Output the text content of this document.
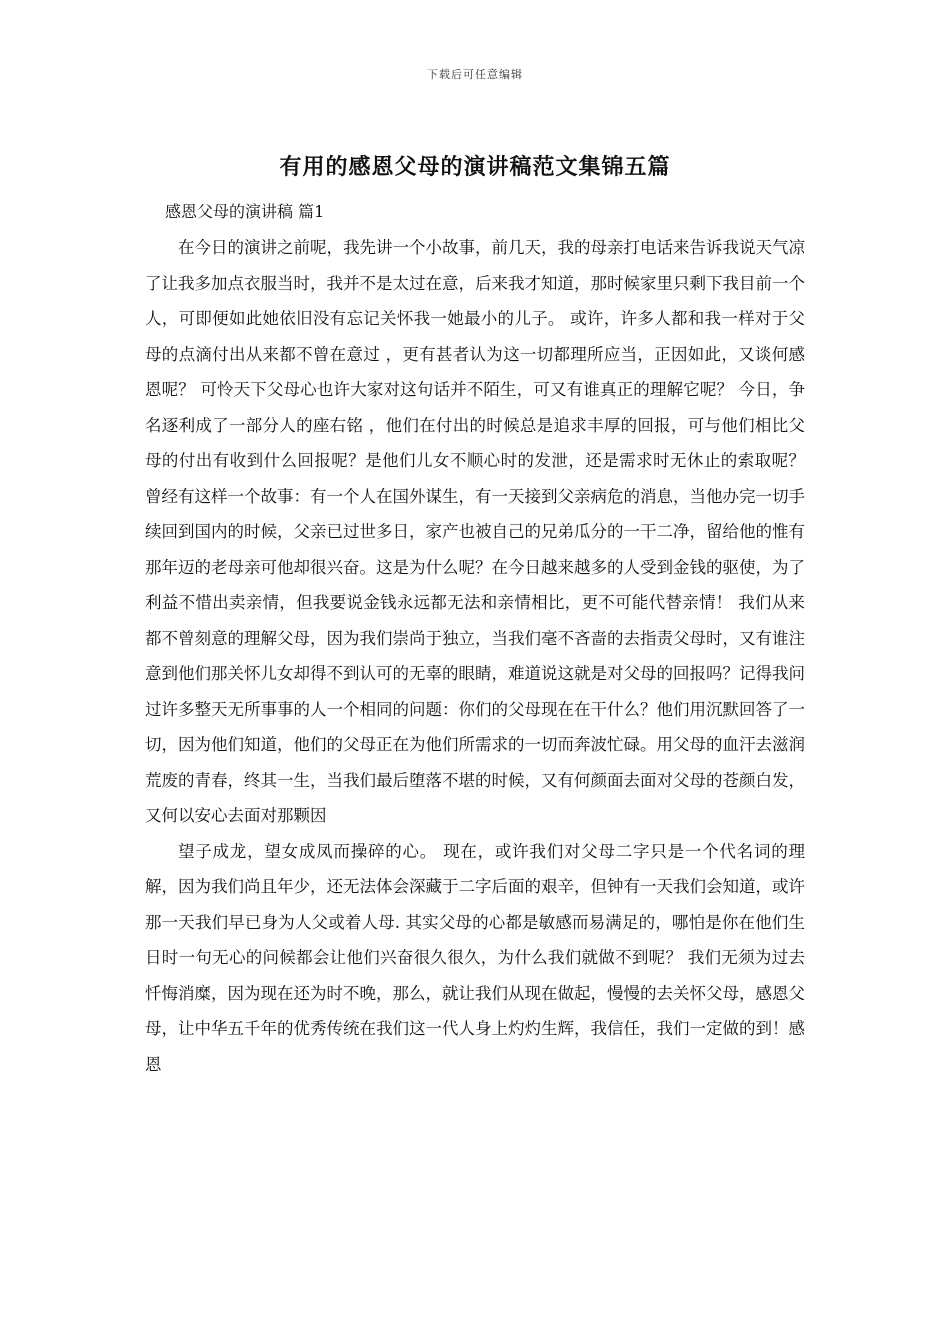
下载后可任意编辑
有用的感恩父母的演讲稿范文集锦五篇
感恩父母的演讲稿 篇1

在今日的演讲之前呢，我先讲一个小故事，前几天，我的母亲打电话来告诉我说天气凉了让我多加点衣服当时，我并不是太过在意，后来我才知道，那时候家里只剩下我目前一个人，可即便如此她依旧没有忘记关怀我一她最小的儿子。 或许，许多人都和我一样对于父母的点滴付出从来都不曾在意过 ，更有甚者认为这一切都理所应当，正因如此，又谈何感恩呢？ 可怜天下父母心也许大家对这句话并不陌生，可又有谁真正的理解它呢？ 今日，争名逐利成了一部分人的座右铭 ，他们在付出的时候总是追求丰厚的回报，可与他们相比父母的付出有收到什么回报呢？是他们儿女不顺心时的发泄，还是需求时无休止的索取呢？ 曾经有这样一个故事：有一个人在国外谋生，有一天接到父亲病危的消息，当他办完一切手续回到国内的时候，父亲已过世多日，家产也被自己的兄弟瓜分的一干二净，留给他的惟有那年迈的老母亲可他却很兴奋。这是为什么呢？在今日越来越多的人受到金钱的驱使，为了利益不惜出卖亲情，但我要说金钱永远都无法和亲情相比，更不可能代替亲情！ 我们从来都不曾刻意的理解父母，因为我们崇尚于独立，当我们毫不吝啬的去指责父母时，又有谁注意到他们那关怀儿女却得不到认可的无辜的眼睛，难道说这就是对父母的回报吗？记得我问过许多整天无所事事的人一个相同的问题：你们的父母现在在干什么？他们用沉默回答了一切，因为他们知道，他们的父母正在为他们所需求的一切而奔波忙碌。用父母的血汗去滋润荒废的青春，终其一生，当我们最后堕落不堪的时候，又有何颜面去面对父母的苍颜白发，又何以安心去面对那颗因

望子成龙，望女成凤而操碎的心。 现在，或许我们对父母二字只是一个代名词的理解，因为我们尚且年少，还无法体会深藏于二字后面的艰辛，但钟有一天我们会知道，或许那一天我们早已身为人父或着人母. 其实父母的心都是敏感而易满足的，哪怕是你在他们生日时一句无心的问候都会让他们兴奋很久很久，为什么我们就做不到呢？ 我们无须为过去忏悔消糜，因为现在还为时不晚，那么，就让我们从现在做起，慢慢的去关怀父母，感恩父母，让中华五千年的优秀传统在我们这一代人身上灼灼生辉，我信任，我们一定做的到！感恩
